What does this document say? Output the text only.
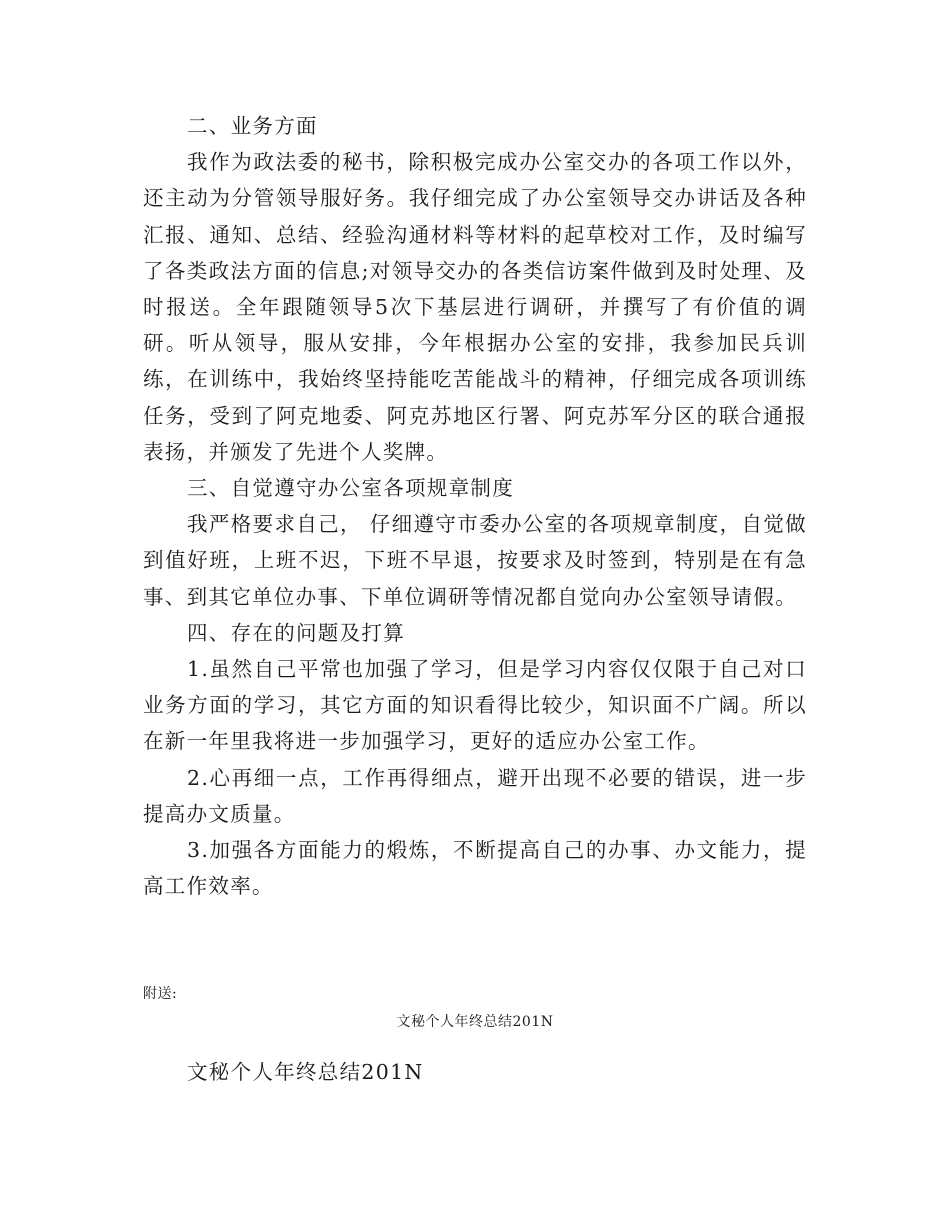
二、业务方面

我作为政法委的秘书，除积极完成办公室交办的各项工作以外，还主动为分管领导服好务。我仔细完成了办公室领导交办讲话及各种汇报、通知、总结、经验沟通材料等材料的起草校对工作，及时编写了各类政法方面的信息;对领导交办的各类信访案件做到及时处理、及时报送。全年跟随领导5次下基层进行调研，并撰写了有价值的调研。听从领导，服从安排，今年根据办公室的安排，我参加民兵训练，在训练中，我始终坚持能吃苦能战斗的精神，仔细完成各项训练任务，受到了阿克地委、阿克苏地区行署、阿克苏军分区的联合通报表扬，并颁发了先进个人奖牌。

三、自觉遵守办公室各项规章制度

我严格要求自己， 仔细遵守市委办公室的各项规章制度，自觉做到值好班，上班不迟，下班不早退，按要求及时签到，特别是在有急事、到其它单位办事、下单位调研等情况都自觉向办公室领导请假。

四、存在的问题及打算

1.虽然自己平常也加强了学习，但是学习内容仅仅限于自己对口业务方面的学习，其它方面的知识看得比较少，知识面不广阔。所以在新一年里我将进一步加强学习，更好的适应办公室工作。

2.心再细一点，工作再得细点，避开出现不必要的错误，进一步提高办文质量。

3.加强各方面能力的煅炼，不断提高自己的办事、办文能力，提高工作效率。

附送:
文秘个人年终总结201N
文秘个人年终总结201N
